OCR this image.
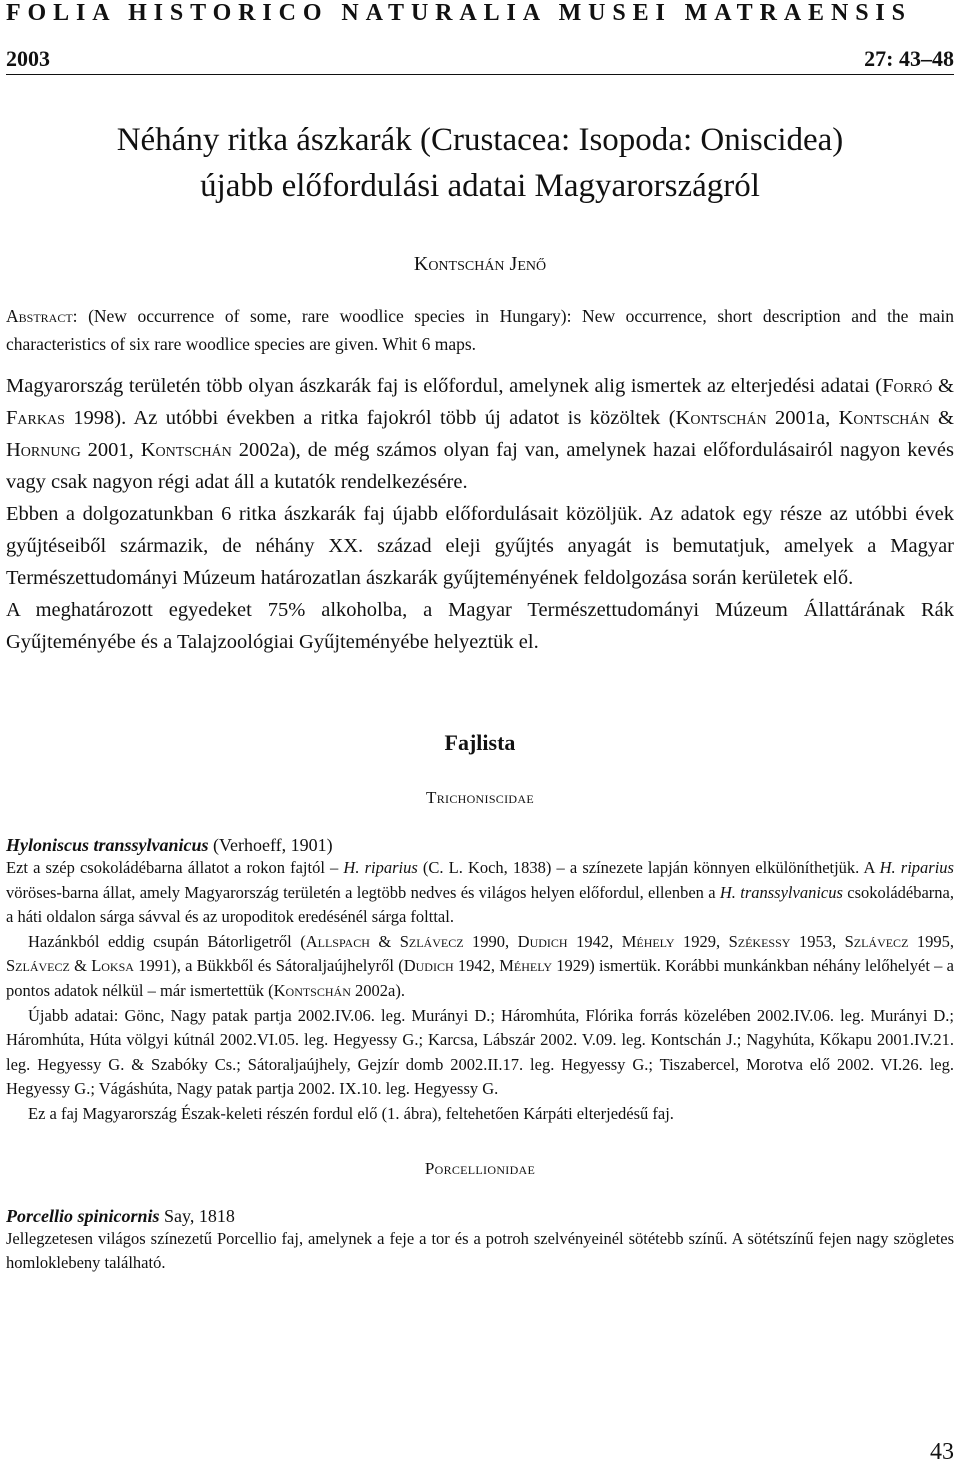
FOLIA HISTORICO NATURALIA MUSEI MATRAENSIS
2003	27: 43–48
Néhány ritka ászkarák (Crustacea: Isopoda: Oniscidea)
újabb előfordulási adatai Magyarországról
Kontschán Jenő
Abstract: (New occurrence of some, rare woodlice species in Hungary): New occurrence, short description and the main characteristics of six rare woodlice species are given. Whit 6 maps.

Magyarország területén több olyan ászkarák faj is előfordul, amelynek alig ismertek az elterjedési adatai (Forró & Farkas 1998). Az utóbbi években a ritka fajokról több új adatot is közöltek (Kontschán 2001a, Kontschán & Hornung 2001, Kontschán 2002a), de még számos olyan faj van, amelynek hazai előfordulásairól nagyon kevés vagy csak nagyon régi adat áll a kutatók rendelkezésére.

Ebben a dolgozatunkban 6 ritka ászkarák faj újabb előfordulásait közöljük. Az adatok egy része az utóbbi évek gyűjtéseiből származik, de néhány XX. század eleji gyűjtés anyagát is bemutatjuk, amelyek a Magyar Természettudományi Múzeum határozatlan ászkarák gyűjteményének feldolgozása során kerületek elő.

A meghatározott egyedeket 75% alkoholba, a Magyar Természettudományi Múzeum Állattárának Rák Gyűjteményébe és a Talajzoológiai Gyűjteményébe helyeztük el.

Fajlista
Trichoniscidae
Hyloniscus transsylvanicus (Verhoeff, 1901)

Ezt a szép csokoládébarna állatot a rokon fajtól – H. riparius (C. L. Koch, 1838) – a színezete lapján könnyen elkülöníthetjük. A H. riparius vöröses-barna állat, amely Magyarország területén a legtöbb nedves és világos helyen előfordul, ellenben a H. transsylvanicus csokoládébarna, a háti oldalon sárga sávval és az uropoditok eredésénél sárga folttal.

Hazánkból eddig csupán Bátorligetről (Allspach & Szlávecz 1990, Dudich 1942, Méhely 1929, Székessy 1953, Szlávecz 1995, Szlávecz & Loksa 1991), a Bükkből és Sátoraljaújhelyről (Dudich 1942, Méhely 1929) ismertük. Korábbi munkánkban néhány lelőhelyét – a pontos adatok nélkül – már ismertettük (Kontschán 2002a).

Újabb adatai: Gönc, Nagy patak partja 2002.IV.06. leg. Murányi D.; Háromhúta, Flórika forrás közelében 2002.IV.06. leg. Murányi D.; Háromhúta, Húta völgyi kútnál 2002.VI.05. leg. Hegyessy G.; Karcsa, Lábszár 2002. V.09. leg. Kontschán J.; Nagyhúta, Kőkapu 2001.IV.21. leg. Hegyessy G. & Szabóky Cs.; Sátoraljaújhely, Gejzír domb 2002.II.17. leg. Hegyessy G.; Tiszabercel, Morotva elő 2002. VI.26. leg. Hegyessy G.; Vágáshúta, Nagy patak partja 2002. IX.10. leg. Hegyessy G.

Ez a faj Magyarország Észak-keleti részén fordul elő (1. ábra), feltehetően Kárpáti elterjedésű faj.

Porcellionidae
Porcellio spinicornis Say, 1818

Jellegzetesen világos színezetű Porcellio faj, amelynek a feje a tor és a potroh szelvényeinél sötétebb színű. A sötétszínű fejen nagy szögletes homloklebeny található.

43
